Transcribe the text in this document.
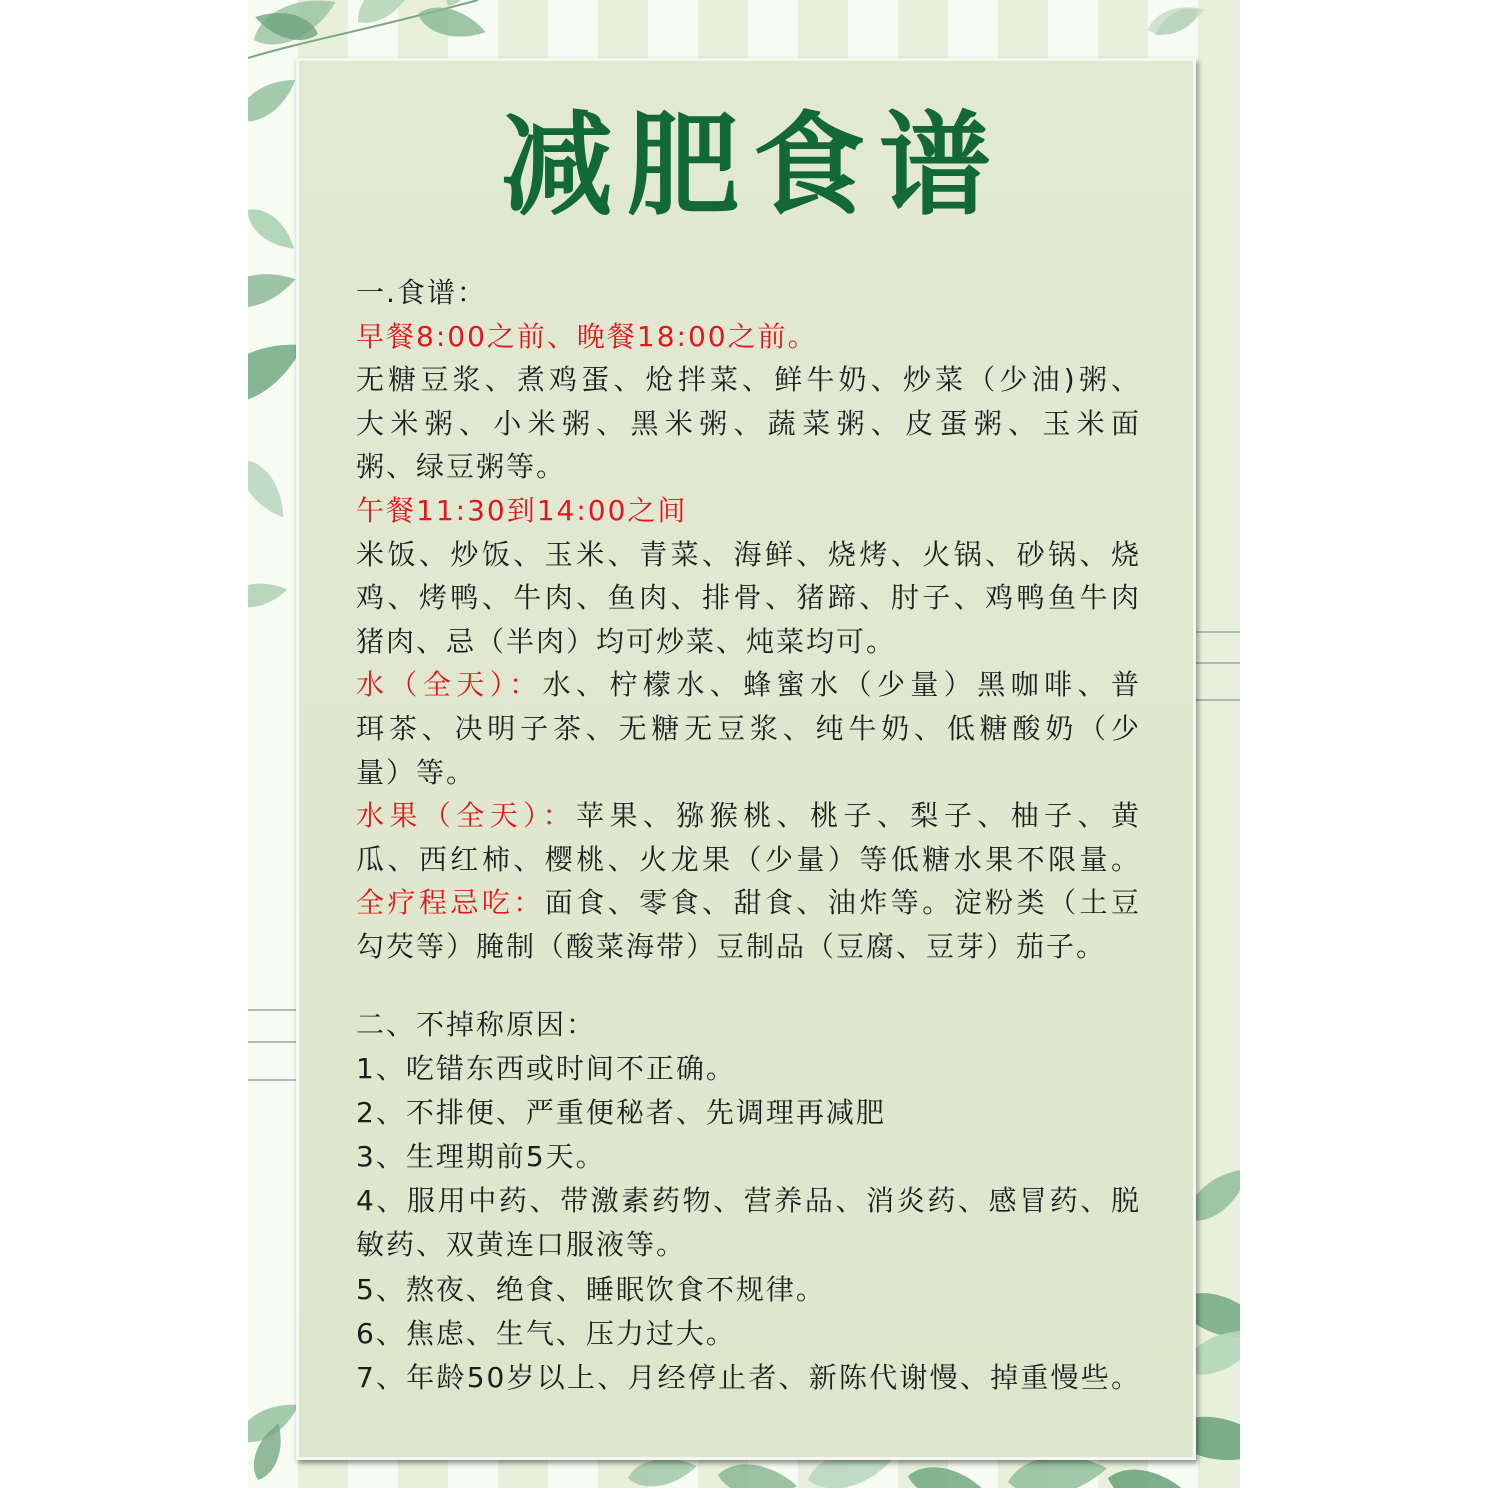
减肥食谱
一.食谱：
早餐8:00之前、晚餐18:00之前。
无糖豆浆、煮鸡蛋、炝拌菜、鲜牛奶、炒菜（少油)粥、
大米粥、小米粥、黑米粥、蔬菜粥、皮蛋粥、玉米面
粥、绿豆粥等。
午餐11:30到14:00之间
米饭、炒饭、玉米、青菜、海鲜、烧烤、火锅、砂锅、烧
鸡、烤鸭、牛肉、鱼肉、排骨、猪蹄、肘子、鸡鸭鱼牛肉
猪肉、忌（半肉）均可炒菜、炖菜均可。
水（全天）：水、柠檬水、蜂蜜水（少量）黑咖啡、普
珥茶、决明子茶、无糖无豆浆、纯牛奶、低糖酸奶（少
量）等。
水果（全天）：苹果、猕猴桃、桃子、梨子、柚子、黄
瓜、西红柿、樱桃、火龙果（少量）等低糖水果不限量。
全疗程忌吃：面食、零食、甜食、油炸等。淀粉类（土豆
勾芡等）腌制（酸菜海带）豆制品（豆腐、豆芽）茄子。
二、不掉称原因：
1、吃错东西或时间不正确。
2、不排便、严重便秘者、先调理再减肥
3、生理期前5天。
4、服用中药、带激素药物、营养品、消炎药、感冒药、脱
敏药、双黄连口服液等。
5、熬夜、绝食、睡眠饮食不规律。
6、焦虑、生气、压力过大。
7、年龄50岁以上、月经停止者、新陈代谢慢、掉重慢些。
